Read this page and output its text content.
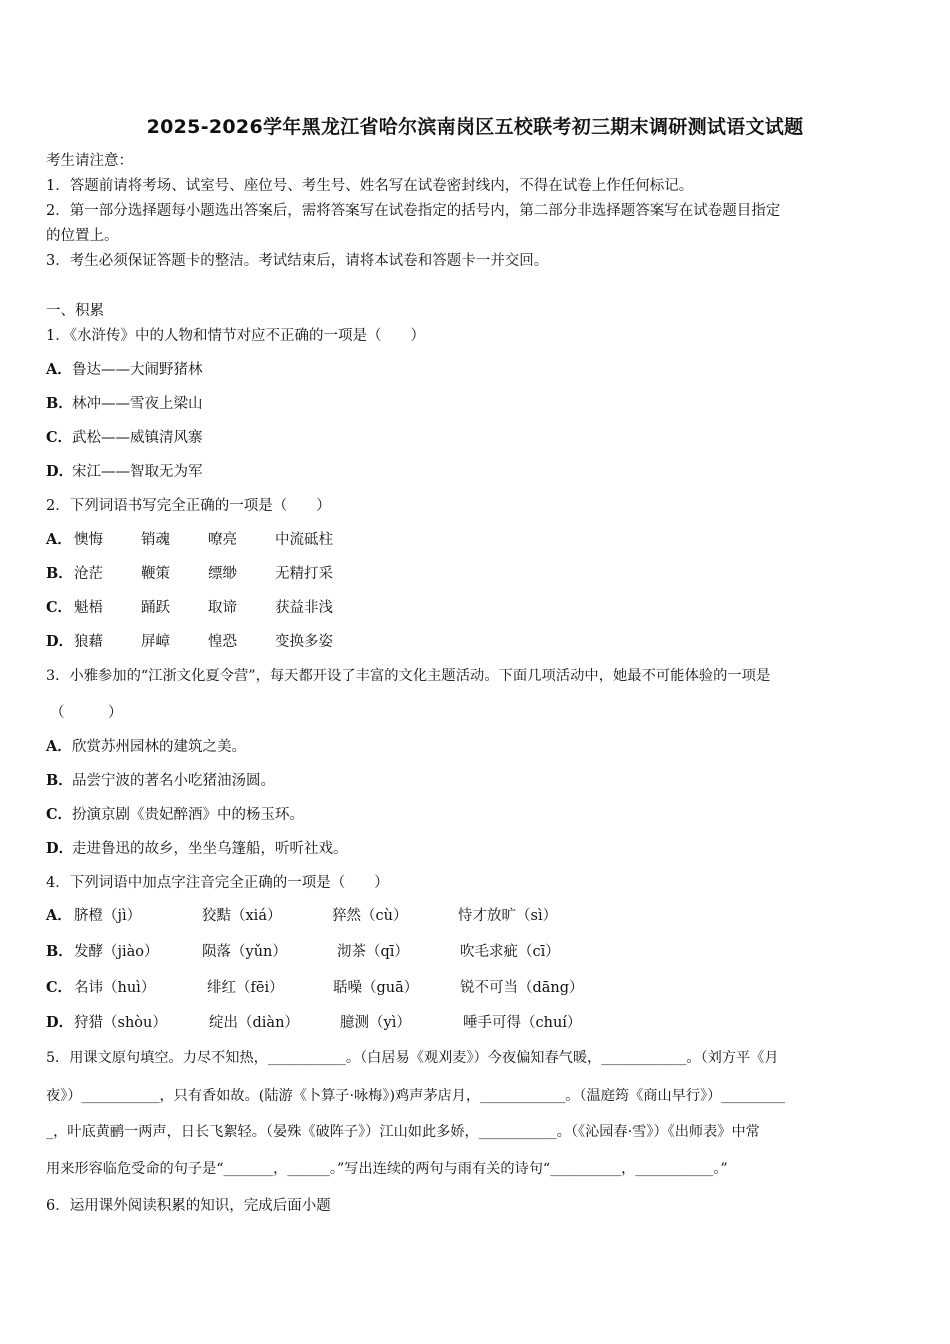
2025-2026学年黑龙江省哈尔滨南岗区五校联考初三期末调研测试语文试题
考生请注意：
1．答题前请将考场、试室号、座位号、考生号、姓名写在试卷密封线内，不得在试卷上作任何标记。
2．第一部分选择题每小题选出答案后，需将答案写在试卷指定的括号内，第二部分非选择题答案写在试卷题目指定
的位置上。
3．考生必须保证答题卡的整洁。考试结束后，请将本试卷和答题卡一并交回。
一、积累
1．《水浒传》中的人物和情节对应不正确的一项是（　　）
A．鲁达——大闹野猪林
B．林冲——雪夜上梁山
C．武松——威镇清风寨
D．宋江——智取无为军
2．下列词语书写完全正确的一项是（　　）
A． 懊悔	销魂	嘹亮	中流砥柱
B． 沧茫	鞭策	缥缈	无精打采
C． 魁梧	踊跃	取谛	获益非浅
D． 狼藉	屏嶂	惶恐	变换多姿
3．小雅参加的“江浙文化夏令营”，每天都开设了丰富的文化主题活动。下面几项活动中，她最不可能体验的一项是
（　　　）
A．欣赏苏州园林的建筑之美。
B．品尝宁波的著名小吃猪油汤圆。
C．扮演京剧《贵妃醉酒》中的杨玉环。
D．走进鲁迅的故乡，坐坐乌篷船，听听社戏。
4．下列词语中加点字注音完全正确的一项是（　　）
A． 脐橙（jì）	狡黠（xiá）	猝然（cù）	恃才放旷（sì）
B． 发酵（jiào）	陨落（yǔn）	沏茶（qī）	吹毛求疵（cī）
C． 名讳（huì）	绯红（fēi）	聒噪（guā）	锐不可当（dāng）
D． 狩猎（shòu）	绽出（diàn）	臆测（yì）	唾手可得（chuí）
5．用课文原句填空。力尽不知热，___________。（白居易《观刈麦》）今夜偏知春气暖，____________。（刘方平《月
夜》）___________，只有香如故。(陆游《卜算子·咏梅》)鸡声茅店月，____________。（温庭筠《商山早行》）_________
_，叶底黄鹂一两声，日长飞絮轻。（晏殊《破阵子》）江山如此多娇，___________。（《沁园春·雪》）《出师表》中常
用来形容临危受命的句子是“_______，______。”写出连续的两句与雨有关的诗句“__________，___________。”
6．运用课外阅读积累的知识，完成后面小题
